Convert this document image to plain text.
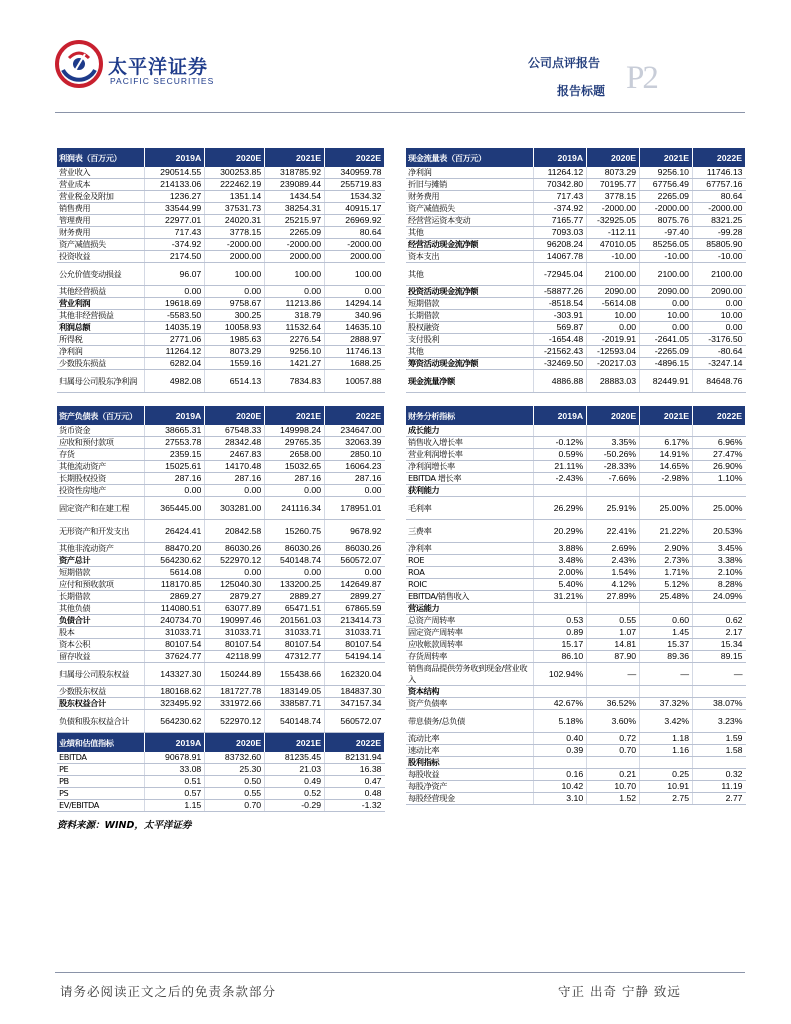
太平洋证券
PACIFIC SECURITIES
公司点评报告
报告标题 P2
利润表（百万元）	2019A	2020E	2021E	2022E
营业收入	290514.55	300253.85	318785.92	340959.78
营业成本	214133.06	222462.19	239089.44	255719.83
营业税金及附加	1236.27	1351.14	1434.54	1534.32
销售费用	33544.99	37531.73	38254.31	40915.17
管理费用	22977.01	24020.31	25215.97	26969.92
财务费用	717.43	3778.15	2265.09	80.64
资产减值损失	-374.92	-2000.00	-2000.00	-2000.00
投资收益	2174.50	2000.00	2000.00	2000.00
公允价值变动损益	96.07	100.00	100.00	100.00
其他经营损益	0.00	0.00	0.00	0.00
营业利润	19618.69	9758.67	11213.86	14294.14
其他非经营损益	-5583.50	300.25	318.79	340.96
利润总额	14035.19	10058.93	11532.64	14635.10
所得税	2771.06	1985.63	2276.54	2888.97
净利润	11264.12	8073.29	9256.10	11746.13
少数股东损益	6282.04	1559.16	1421.27	1688.25
归属母公司股东净利润	4982.08	6514.13	7834.83	10057.88
现金流量表（百万元）	2019A	2020E	2021E	2022E
净利润	11264.12	8073.29	9256.10	11746.13
折旧与摊销	70342.80	70195.77	67756.49	67757.16
财务费用	717.43	3778.15	2265.09	80.64
资产减值损失	-374.92	-2000.00	-2000.00	-2000.00
经营营运资本变动	7165.77	-32925.05	8075.76	8321.25
其他	7093.03	-112.11	-97.40	-99.28
经营活动现金流净额	96208.24	47010.05	85256.05	85805.90
资本支出	14067.78	-10.00	-10.00	-10.00
其他	-72945.04	2100.00	2100.00	2100.00
投资活动现金流净额	-58877.26	2090.00	2090.00	2090.00
短期借款	-8518.54	-5614.08	0.00	0.00
长期借款	-303.91	10.00	10.00	10.00
股权融资	569.87	0.00	0.00	0.00
支付股利	-1654.48	-2019.91	-2641.05	-3176.50
其他	-21562.43	-12593.04	-2265.09	-80.64
筹资活动现金流净额	-32469.50	-20217.03	-4896.15	-3247.14
现金流量净额	4886.88	28883.03	82449.91	84648.76
资产负债表（百万元）	2019A	2020E	2021E	2022E
货币资金	38665.31	67548.33	149998.24	234647.00
应收和预付款项	27553.78	28342.48	29765.35	32063.39
存货	2359.15	2467.83	2658.00	2850.10
其他流动资产	15025.61	14170.48	15032.65	16064.23
长期股权投资	287.16	287.16	287.16	287.16
投资性房地产	0.00	0.00	0.00	0.00
固定资产和在建工程	365445.00	303281.00	241116.34	178951.01
无形资产和开发支出	26424.41	20842.58	15260.75	9678.92
其他非流动资产	88470.20	86030.26	86030.26	86030.26
资产总计	564230.62	522970.12	540148.74	560572.07
短期借款	5614.08	0.00	0.00	0.00
应付和预收款项	118170.85	125040.30	133200.25	142649.87
长期借款	2869.27	2879.27	2889.27	2899.27
其他负债	114080.51	63077.89	65471.51	67865.59
负债合计	240734.70	190997.46	201561.03	213414.73
股本	31033.71	31033.71	31033.71	31033.71
资本公积	80107.54	80107.54	80107.54	80107.54
留存收益	37624.77	42118.99	47312.77	54194.14
归属母公司股东权益	143327.30	150244.89	155438.66	162320.04
少数股东权益	180168.62	181727.78	183149.05	184837.30
股东权益合计	323495.92	331972.66	338587.71	347157.34
负债和股东权益合计	564230.62	522970.12	540148.74	560572.07
业绩和估值指标	2019A	2020E	2021E	2022E
EBITDA	90678.91	83732.60	81235.45	82131.94
PE	33.08	25.30	21.03	16.38
PB	0.51	0.50	0.49	0.47
PS	0.57	0.55	0.52	0.48
EV/EBITDA	1.15	0.70	-0.29	-1.32
财务分析指标	2019A	2020E	2021E	2022E
成长能力				
销售收入增长率	-0.12%	3.35%	6.17%	6.96%
营业利润增长率	0.59%	-50.26%	14.91%	27.47%
净利润增长率	21.11%	-28.33%	14.65%	26.90%
EBITDA 增长率	-2.43%	-7.66%	-2.98%	1.10%
获利能力				
毛利率	26.29%	25.91%	25.00%	25.00%
三费率	20.29%	22.41%	21.22%	20.53%
净利率	3.88%	2.69%	2.90%	3.45%
ROE	3.48%	2.43%	2.73%	3.38%
ROA	2.00%	1.54%	1.71%	2.10%
ROIC	5.40%	4.12%	5.12%	8.28%
EBITDA/销售收入	31.21%	27.89%	25.48%	24.09%
营运能力				
总资产周转率	0.53	0.55	0.60	0.62
固定资产周转率	0.89	1.07	1.45	2.17
应收帐款周转率	15.17	14.81	15.37	15.34
存货周转率	86.10	87.90	89.36	89.15
销售商品提供劳务收到现金/营业收入	102.94%	—	—	—
资本结构				
资产负债率	42.67%	36.52%	37.32%	38.07%
带息债务/总负债	5.18%	3.60%	3.42%	3.23%
流动比率	0.40	0.72	1.18	1.59
速动比率	0.39	0.70	1.16	1.58
股利指标				
每股收益	0.16	0.21	0.25	0.32
每股净资产	10.42	10.70	10.91	11.19
每股经营现金	3.10	1.52	2.75	2.77
资料来源：WIND，太平洋证券
请务必阅读正文之后的免责条款部分	守正 出奇 宁静 致远
